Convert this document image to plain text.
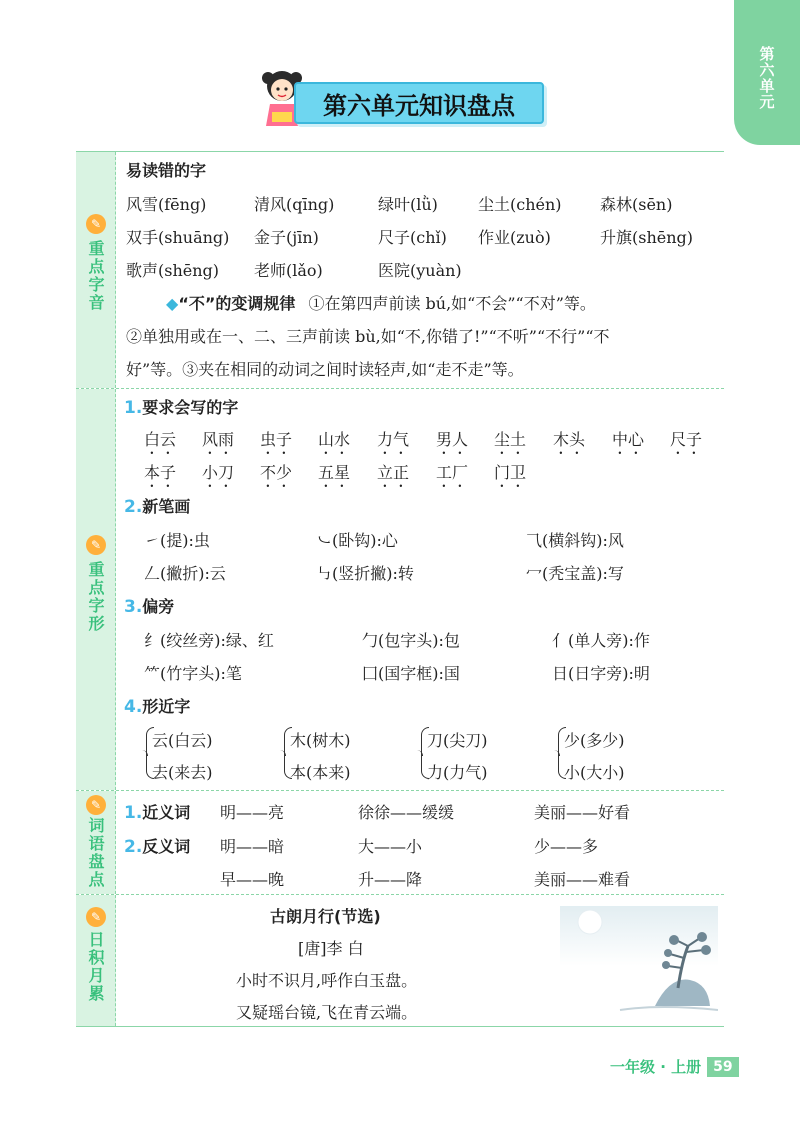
第六单元
第六单元知识盘点
✎
重点字音
✎
重点字形
✎
词语盘点
✎
日积月累
易读错的字
风雪(fēng)	清风(qīng)	绿叶(lǜ)	尘土(chén) 森林(sēn)
双手(shuāng) 金子(jīn)	尺子(chǐ) 作业(zuò)	升旗(shēng)
歌声(shēng) 老师(lǎo)	医院(yuàn)
◆“不”的变调规律 ①在第四声前读 bú,如“不会”“不对”等。
②单独用或在一、二、三声前读 bù,如“不,你错了!”“不听”“不行”“不
好”等。③夹在相同的动词之间时读轻声,如“走不走”等。
1.要求会写的字
白云 风雨 虫子 山水 力气 男人 尘土 木头 中心 尺子
本子 小刀 不少 五星 立正 工厂 门卫
2.新笔画
㇀(提):虫	㇃(卧钩):心	⺄(横斜钩):风
𠃋(撇折):云	㇉(竖折撇):转	冖(秃宝盖):写
3.偏旁
纟(绞丝旁):绿、红	勹(包字头):包	亻(单人旁):作
⺮(竹字头):笔	囗(国字框):国	日(日字旁):明
4.形近字
云(白云)
去(来去)
木(树木)
本(本来)
刀(尖刀)
力(力气)
少(多少)
小(大小)
1.近义词 明——亮	徐徐——缓缓	美丽——好看
2.反义词 明——暗	大——小	少——多
早——晚	升——降	美丽——难看
古朗月行(节选)
[唐]李 白
小时不识月,呼作白玉盘。
又疑瑶台镜,飞在青云端。
一年级 · 上册 59
